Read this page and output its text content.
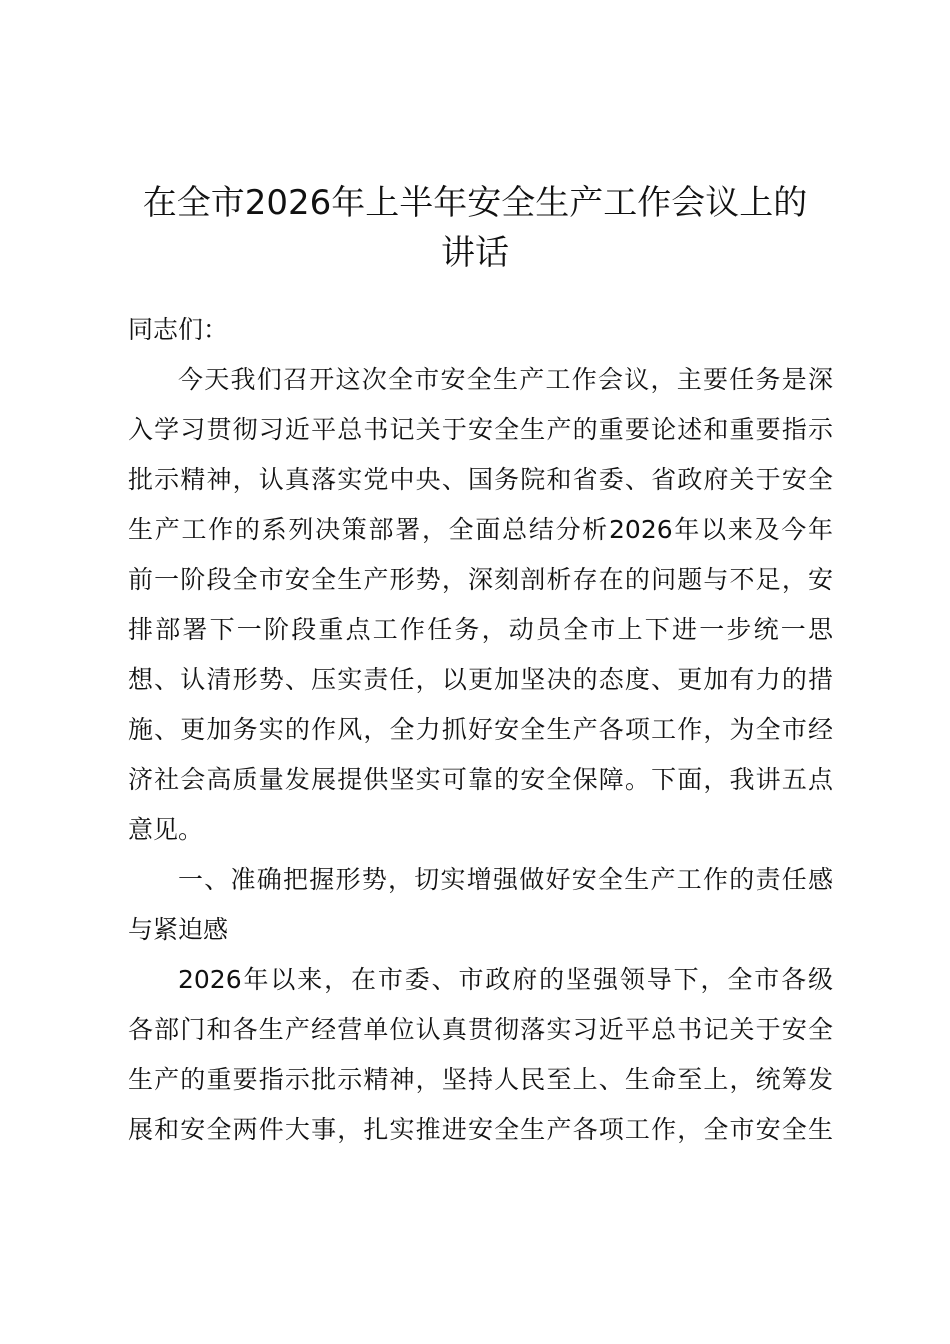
在全市2026年上半年安全生产工作会议上的
讲话
同志们：
今天我们召开这次全市安全生产工作会议，主要任务是深
入学习贯彻习近平总书记关于安全生产的重要论述和重要指示
批示精神，认真落实党中央、国务院和省委、省政府关于安全
生产工作的系列决策部署，全面总结分析2026年以来及今年
前一阶段全市安全生产形势，深刻剖析存在的问题与不足，安
排部署下一阶段重点工作任务，动员全市上下进一步统一思
想、认清形势、压实责任，以更加坚决的态度、更加有力的措
施、更加务实的作风，全力抓好安全生产各项工作，为全市经
济社会高质量发展提供坚实可靠的安全保障。下面，我讲五点
意见。
一、准确把握形势，切实增强做好安全生产工作的责任感
与紧迫感
2026年以来，在市委、市政府的坚强领导下，全市各级
各部门和各生产经营单位认真贯彻落实习近平总书记关于安全
生产的重要指示批示精神，坚持人民至上、生命至上，统筹发
展和安全两件大事，扎实推进安全生产各项工作，全市安全生
